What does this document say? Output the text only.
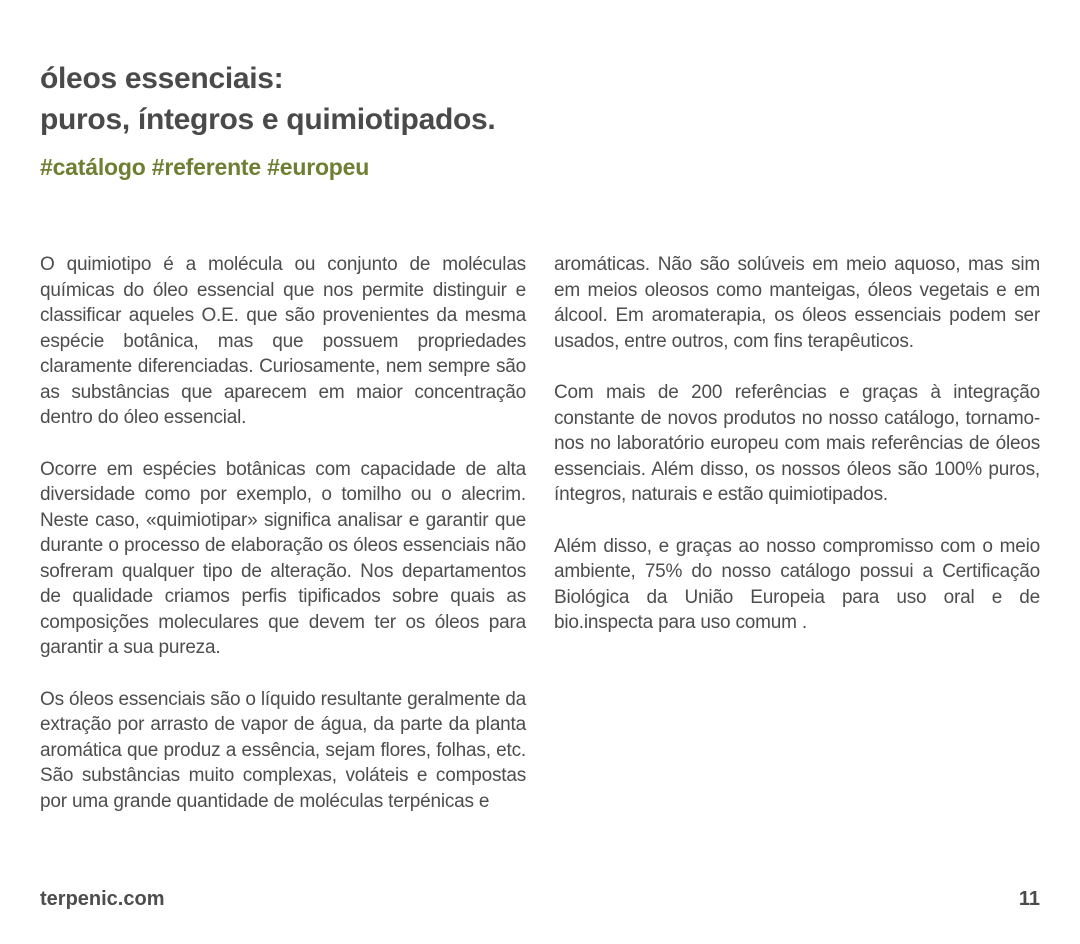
óleos essenciais:
puros, íntegros e quimiotipados.
#catálogo #referente #europeu

O quimiotipo é a molécula ou conjunto de moléculas químicas do óleo essencial que nos permite distinguir e classificar aqueles O.E. que são provenientes da mesma espécie botânica, mas que possuem propriedades claramente diferenciadas. Curiosamente, nem sempre são as substâncias que aparecem em maior concentração dentro do óleo essencial.

Ocorre em espécies botânicas com capacidade de alta diversidade como por exemplo, o tomilho ou o alecrim. Neste caso, «quimiotipar» significa analisar e garantir que durante o processo de elaboração os óleos essenciais não sofreram qualquer tipo de alteração. Nos departamentos de qualidade criamos perfis tipificados sobre quais as composições moleculares que devem ter os óleos para garantir a sua pureza.

Os óleos essenciais são o líquido resultante geralmente da extração por arrasto de vapor de água, da parte da planta aromática que produz a essência, sejam flores, folhas, etc. São substâncias muito complexas, voláteis e compostas por uma grande quantidade de moléculas terpénicas e

aromáticas. Não são solúveis em meio aquoso, mas sim em meios oleosos como manteigas, óleos vegetais e em álcool. Em aromaterapia, os óleos essenciais podem ser usados, entre outros, com fins terapêuticos.

Com mais de 200 referências e graças à integração constante de novos produtos no nosso catálogo, tornamo-nos no laboratório europeu com mais referências de óleos essenciais. Além disso, os nossos óleos são 100% puros, íntegros, naturais e estão quimiotipados.

Além disso, e graças ao nosso compromisso com o meio ambiente, 75% do nosso catálogo possui a Certificação Biológica da União Europeia para uso oral e de bio.inspecta para uso comum .

terpenic.com	11
